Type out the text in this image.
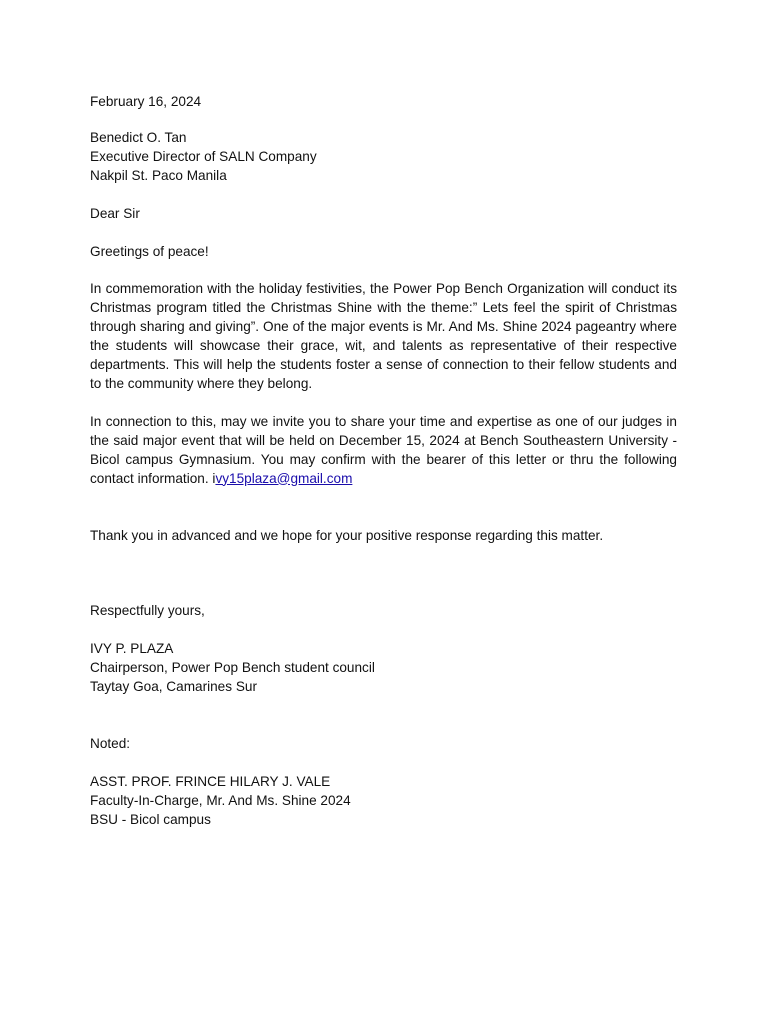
February 16, 2024
Benedict O. Tan
Executive Director of SALN Company
Nakpil St. Paco Manila
Dear Sir
Greetings of peace!

In commemoration with the holiday festivities, the Power Pop Bench Organization will conduct its Christmas program titled the Christmas Shine with the theme:” Lets feel the spirit of Christmas through sharing and giving”. One of the major events is Mr. And Ms. Shine 2024 pageantry where the students will showcase their grace, wit, and talents as representative of their respective departments. This will help the students foster a sense of connection to their fellow students and to the community where they belong.

In connection to this, may we invite you to share your time and expertise as one of our judges in the said major event that will be held on December 15, 2024 at Bench Southeastern University - Bicol campus Gymnasium. You may confirm with the bearer of this letter or thru the following contact information. ivy15plaza@gmail.com

Thank you in advanced and we hope for your positive response regarding this matter.
Respectfully yours,
IVY P. PLAZA
Chairperson, Power Pop Bench student council
Taytay Goa, Camarines Sur
Noted:
ASST. PROF. FRINCE HILARY J. VALE
Faculty-In-Charge, Mr. And Ms. Shine 2024
BSU - Bicol campus
